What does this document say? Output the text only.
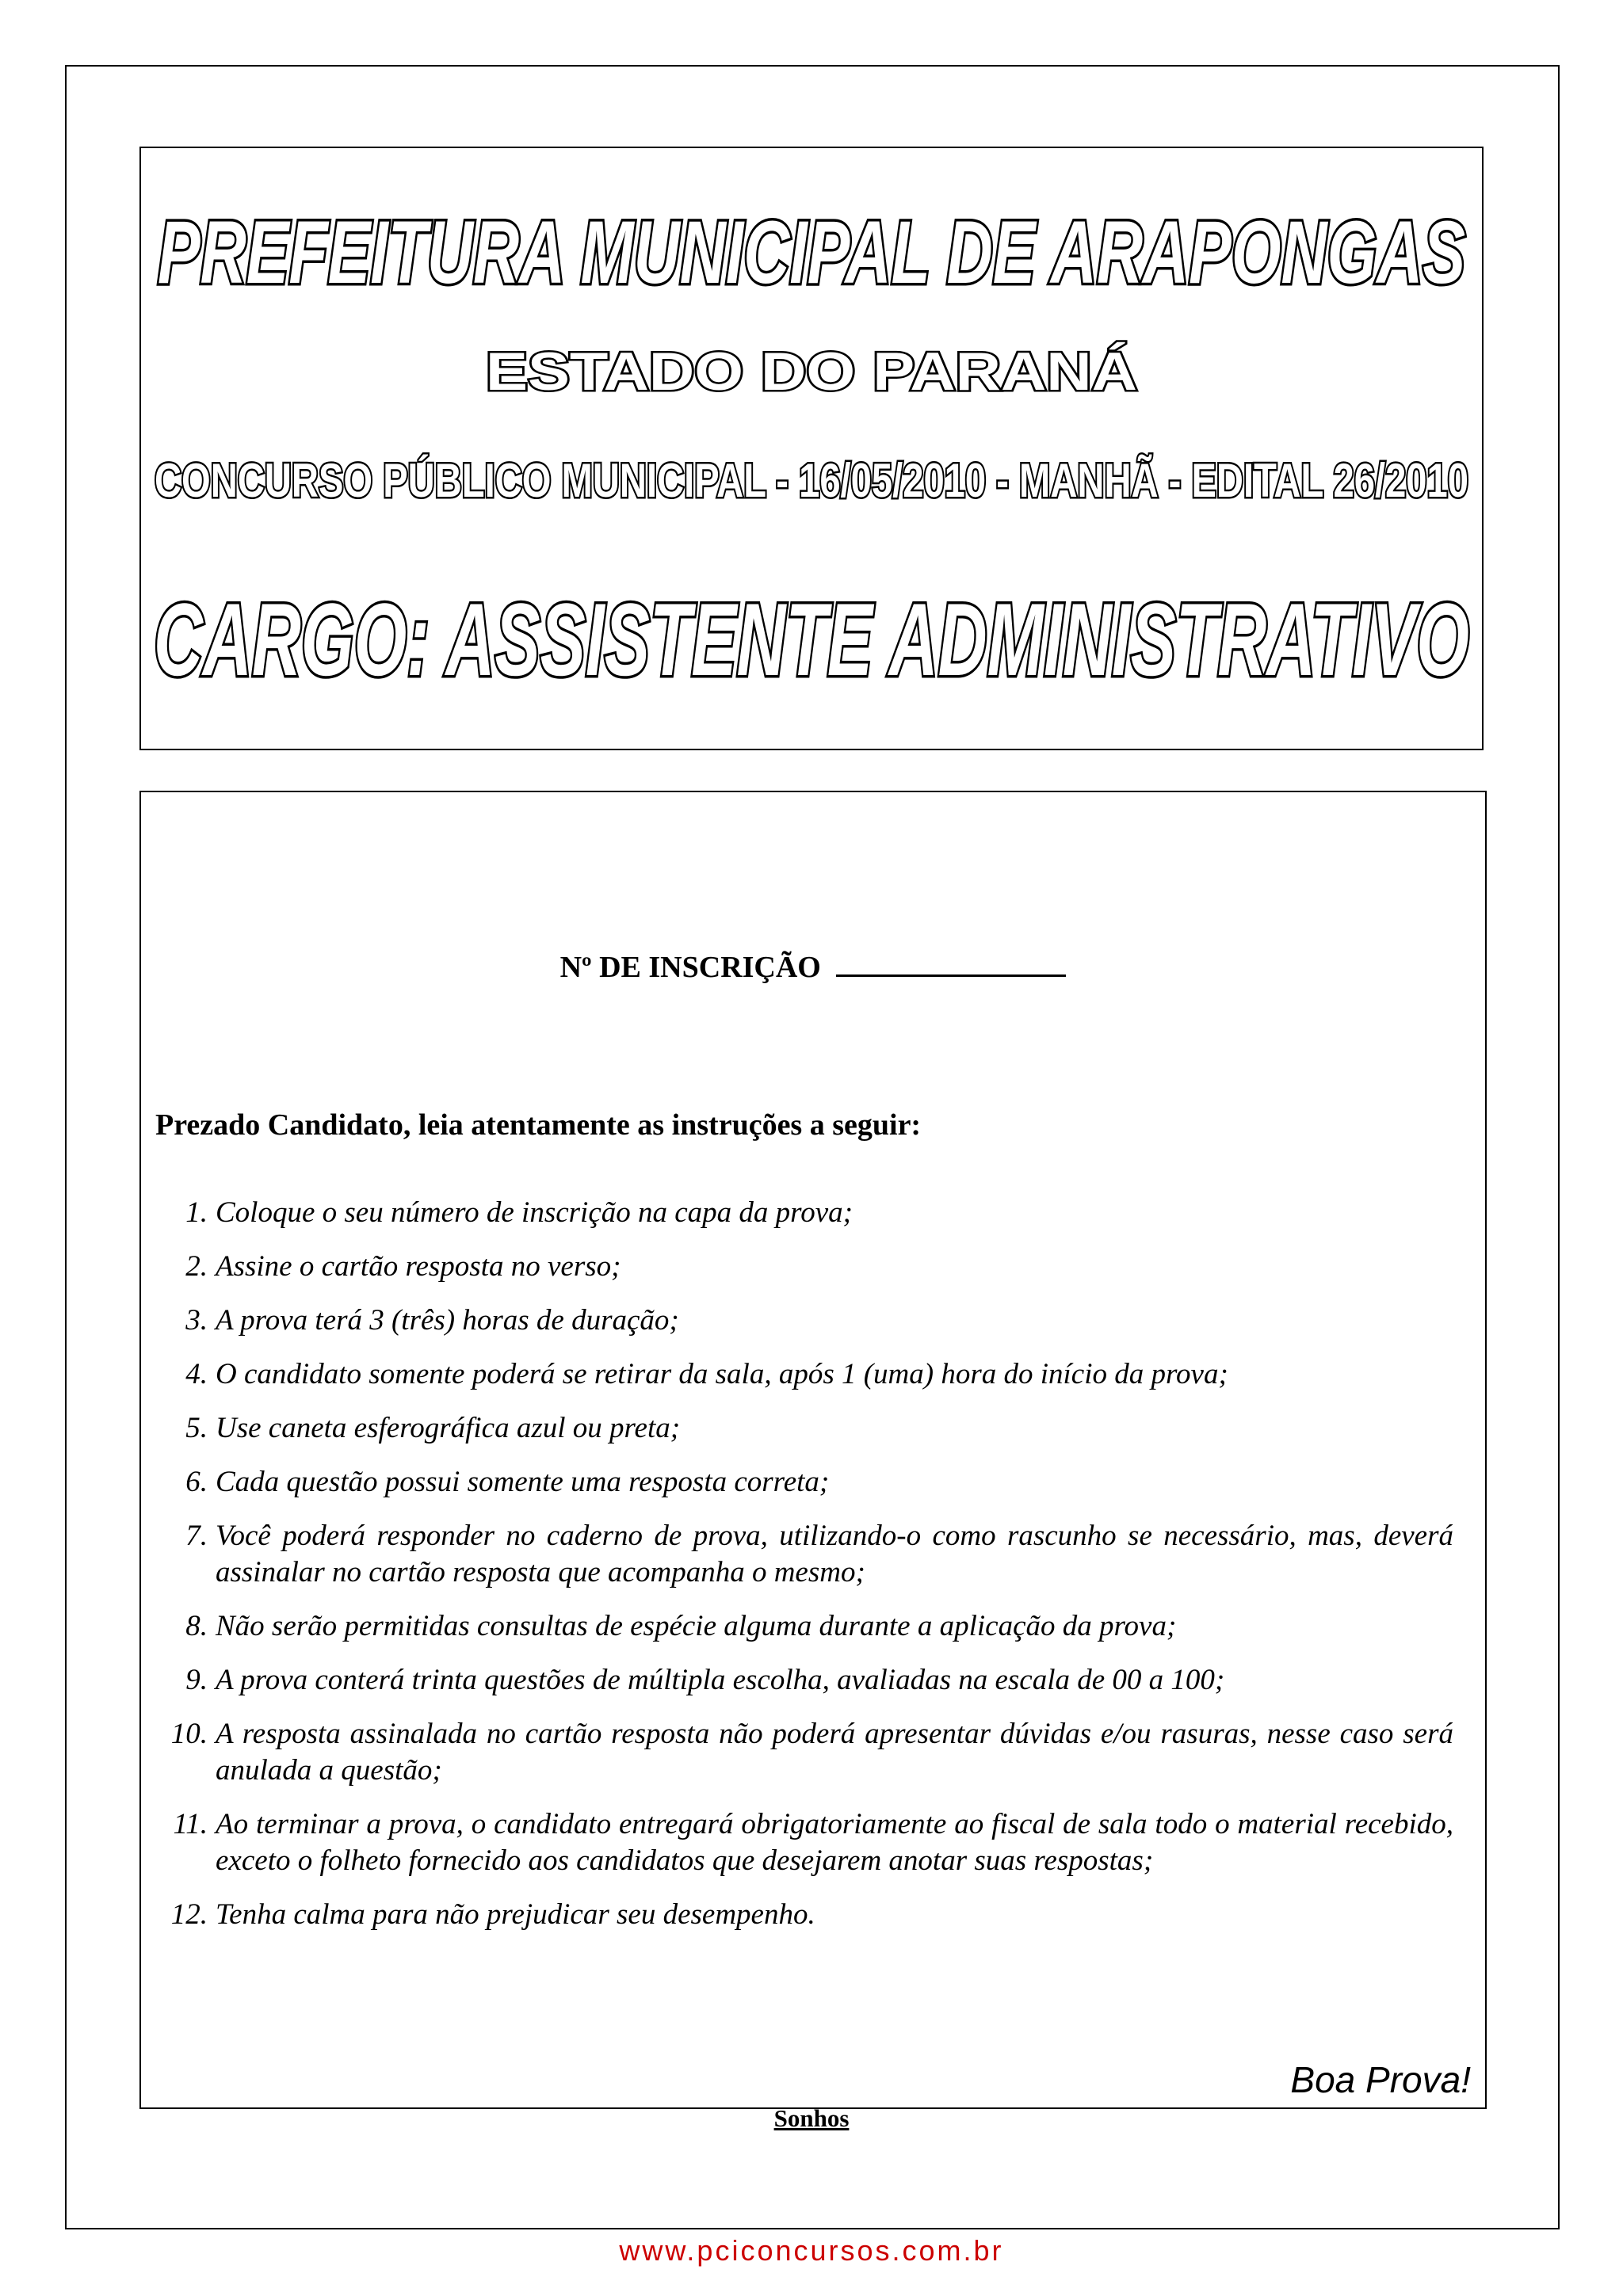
PREFEITURA MUNICIPAL DE ARAPONGAS
ESTADO DO PARANÁ
CONCURSO PÚBLICO MUNICIPAL - 16/05/2010 - MANHÃ - EDITAL 26/2010
CARGO: ASSISTENTE ADMINISTRATIVO
Nº DE INSCRIÇÃO
Prezado Candidato, leia atentamente as instruções a seguir:
1. Coloque o seu número de inscrição na capa da prova;
2. Assine o cartão resposta no verso;
3. A prova terá 3 (três) horas de duração;
4. O candidato somente poderá se retirar da sala, após 1 (uma) hora do início da prova;
5. Use caneta esferográfica azul ou preta;
6. Cada questão possui somente uma resposta correta;
7. Você poderá responder no caderno de prova, utilizando-o como rascunho se necessário, mas, deverá assinalar no cartão resposta que acompanha o mesmo;
8. Não serão permitidas consultas de espécie alguma durante a aplicação da prova;
9. A prova conterá trinta questões de múltipla escolha, avaliadas na escala de 00 a 100;
10. A resposta assinalada no cartão resposta não poderá apresentar dúvidas e/ou rasuras, nesse caso será anulada a questão;
11. Ao terminar a prova, o candidato entregará obrigatoriamente ao fiscal de sala todo o material recebido, exceto o folheto fornecido aos candidatos que desejarem anotar suas respostas;
12. Tenha calma para não prejudicar seu desempenho.
Boa Prova!
Sonhos
www.pciconcursos.com.br
